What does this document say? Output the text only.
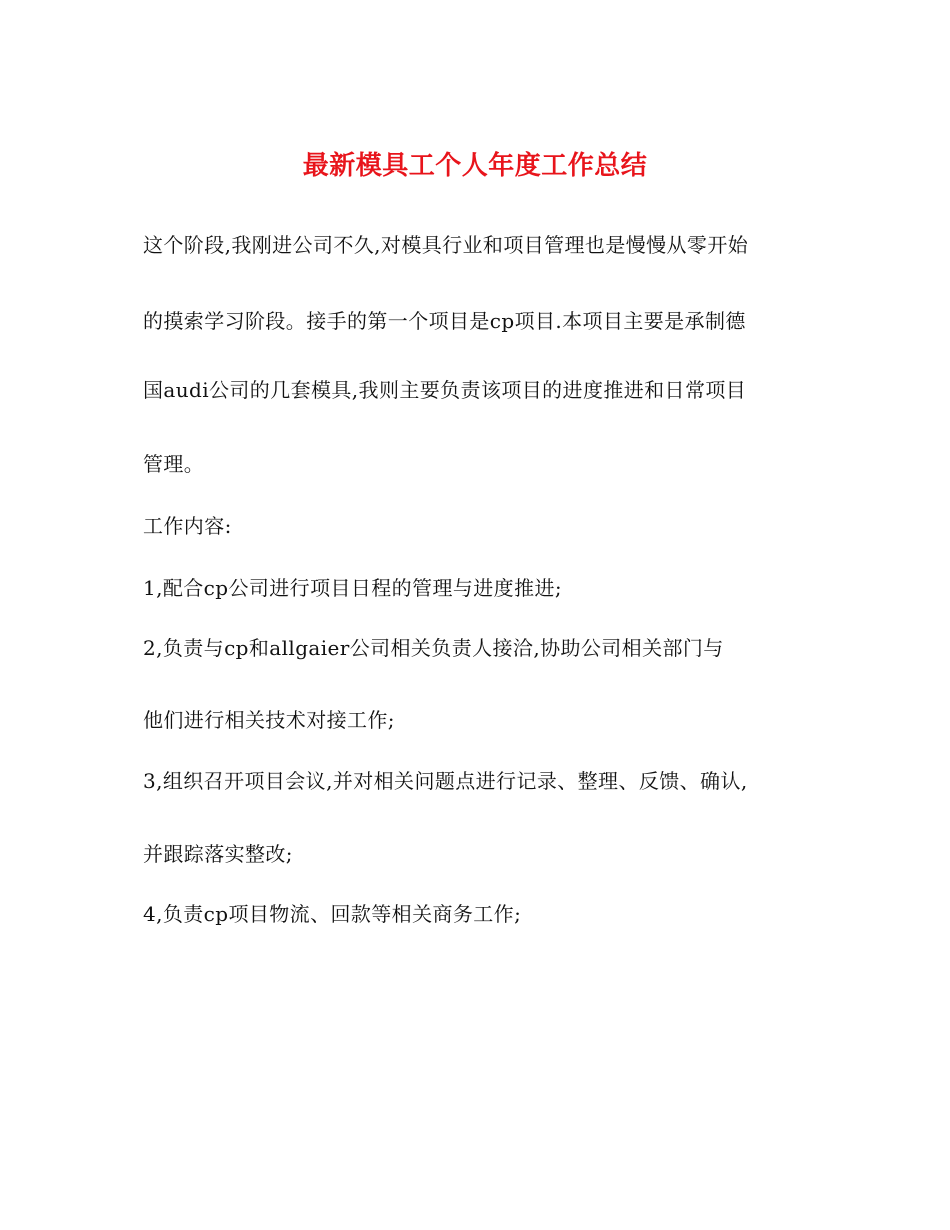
最新模具工个人年度工作总结
这个阶段,我刚进公司不久,对模具行业和项目管理也是慢慢从零开始
的摸索学习阶段。接手的第一个项目是cp项目.本项目主要是承制德
国audi公司的几套模具,我则主要负责该项目的进度推进和日常项目
管理。
工作内容:
1,配合cp公司进行项目日程的管理与进度推进;
2,负责与cp和allgaier公司相关负责人接洽,协助公司相关部门与
他们进行相关技术对接工作;
3,组织召开项目会议,并对相关问题点进行记录、整理、反馈、确认,
并跟踪落实整改;
4,负责cp项目物流、回款等相关商务工作;
